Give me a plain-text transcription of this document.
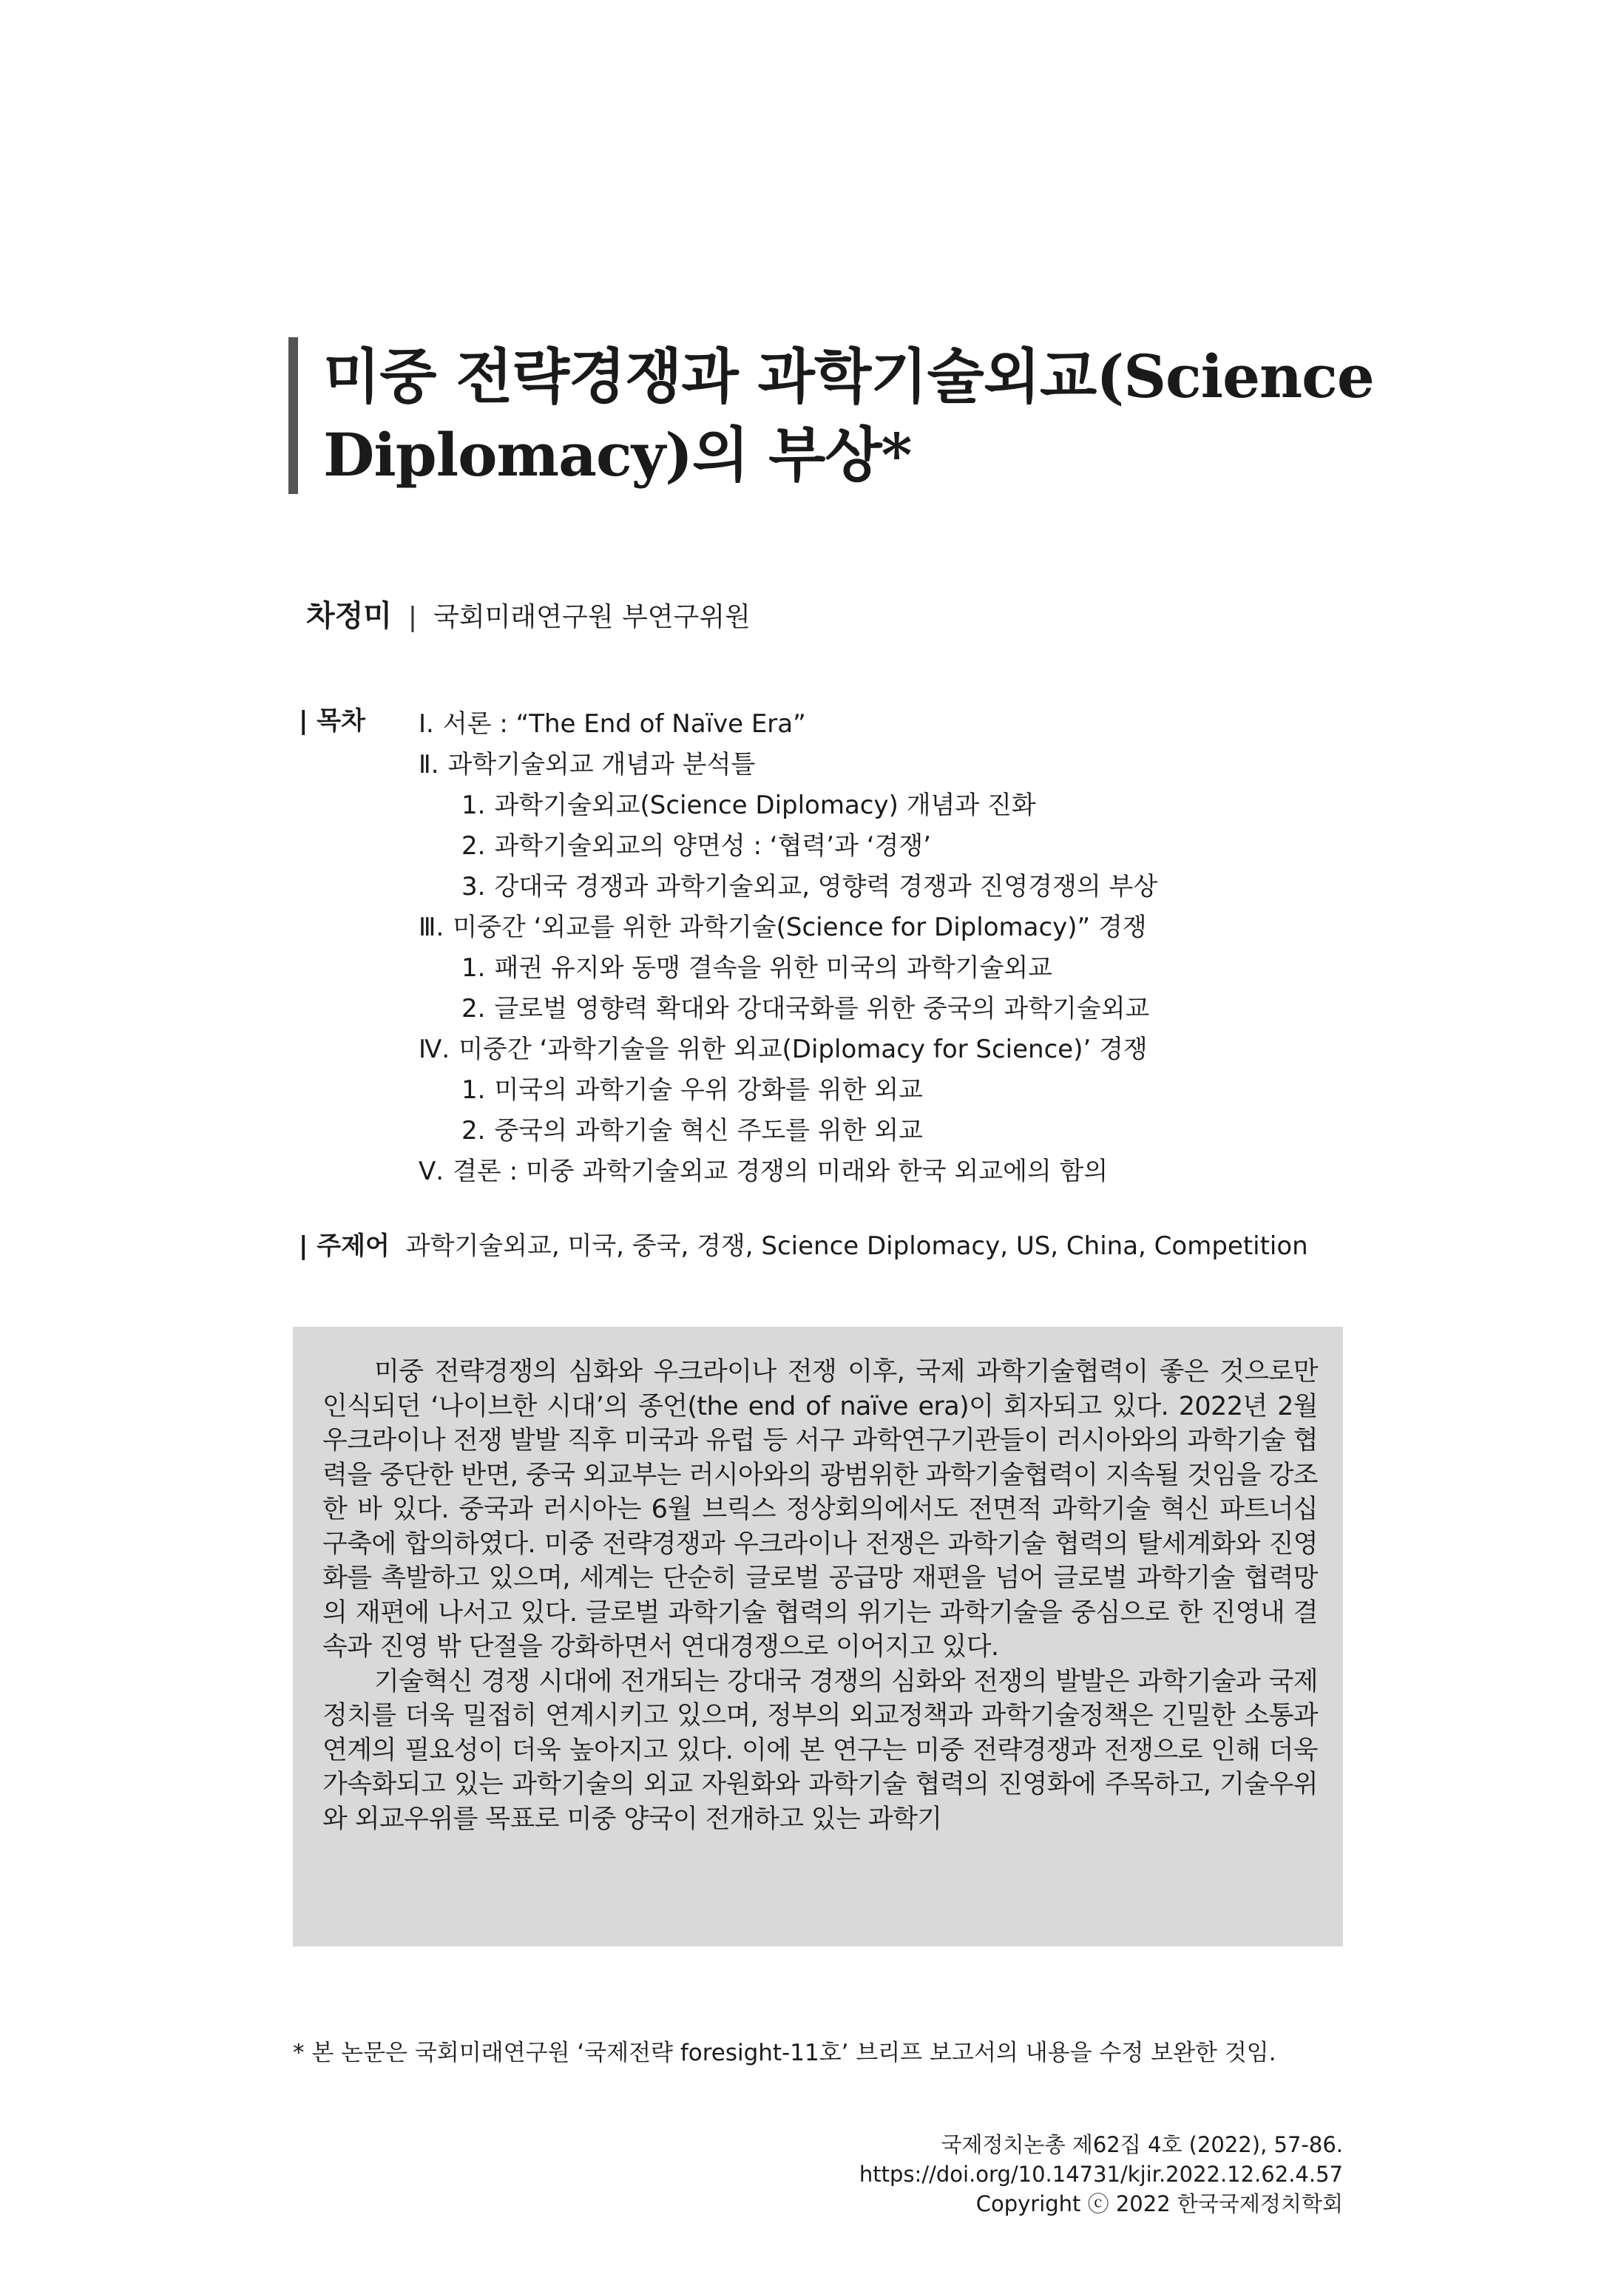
미중 전략경쟁과 과학기술외교(Science
Diplomacy)의 부상*
차정미 | 국회미래연구원 부연구위원
| 목차 Ⅰ. 서론 : “The End of Naïve Era”
Ⅱ. 과학기술외교 개념과 분석틀
1. 과학기술외교(Science Diplomacy) 개념과 진화
2. 과학기술외교의 양면성 : ‘협력’과 ‘경쟁’
3. 강대국 경쟁과 과학기술외교, 영향력 경쟁과 진영경쟁의 부상
Ⅲ. 미중간 ‘외교를 위한 과학기술(Science for Diplomacy)” 경쟁
1. 패권 유지와 동맹 결속을 위한 미국의 과학기술외교
2. 글로벌 영향력 확대와 강대국화를 위한 중국의 과학기술외교
Ⅳ. 미중간 ‘과학기술을 위한 외교(Diplomacy for Science)’ 경쟁
1. 미국의 과학기술 우위 강화를 위한 외교
2. 중국의 과학기술 혁신 주도를 위한 외교
Ⅴ. 결론 : 미중 과학기술외교 경쟁의 미래와 한국 외교에의 함의
| 주제어 과학기술외교, 미국, 중국, 경쟁, Science Diplomacy, US, China, Competition

미중 전략경쟁의 심화와 우크라이나 전쟁 이후, 국제 과학기술협력이 좋은 것으로만 인식되던 ‘나이브한 시대’의 종언(the end of naïve era)이 회자되고 있다. 2022년 2월 우크라이나 전쟁 발발 직후 미국과 유럽 등 서구 과학연구기관들이 러시아와의 과학기술 협력을 중단한 반면, 중국 외교부는 러시아와의 광범위한 과학기술협력이 지속될 것임을 강조한 바 있다. 중국과 러시아는 6월 브릭스 정상회의에서도 전면적 과학기술 혁신 파트너십 구축에 합의하였다. 미중 전략경쟁과 우크라이나 전쟁은 과학기술 협력의 탈세계화와 진영화를 촉발하고 있으며, 세계는 단순히 글로벌 공급망 재편을 넘어 글로벌 과학기술 협력망의 재편에 나서고 있다. 글로벌 과학기술 협력의 위기는 과학기술을 중심으로 한 진영내 결속과 진영 밖 단절을 강화하면서 연대경쟁으로 이어지고 있다.

기술혁신 경쟁 시대에 전개되는 강대국 경쟁의 심화와 전쟁의 발발은 과학기술과 국제정치를 더욱 밀접히 연계시키고 있으며, 정부의 외교정책과 과학기술정책은 긴밀한 소통과 연계의 필요성이 더욱 높아지고 있다. 이에 본 연구는 미중 전략경쟁과 전쟁으로 인해 더욱 가속화되고 있는 과학기술의 외교 자원화와 과학기술 협력의 진영화에 주목하고, 기술우위와 외교우위를 목표로 미중 양국이 전개하고 있는 과학기

* 본 논문은 국회미래연구원 ‘국제전략 foresight-11호’ 브리프 보고서의 내용을 수정 보완한 것임.
국제정치논총 제62집 4호 (2022), 57-86.
https://doi.org/10.14731/kjir.2022.12.62.4.57
Copyright ⓒ 2022 한국국제정치학회
